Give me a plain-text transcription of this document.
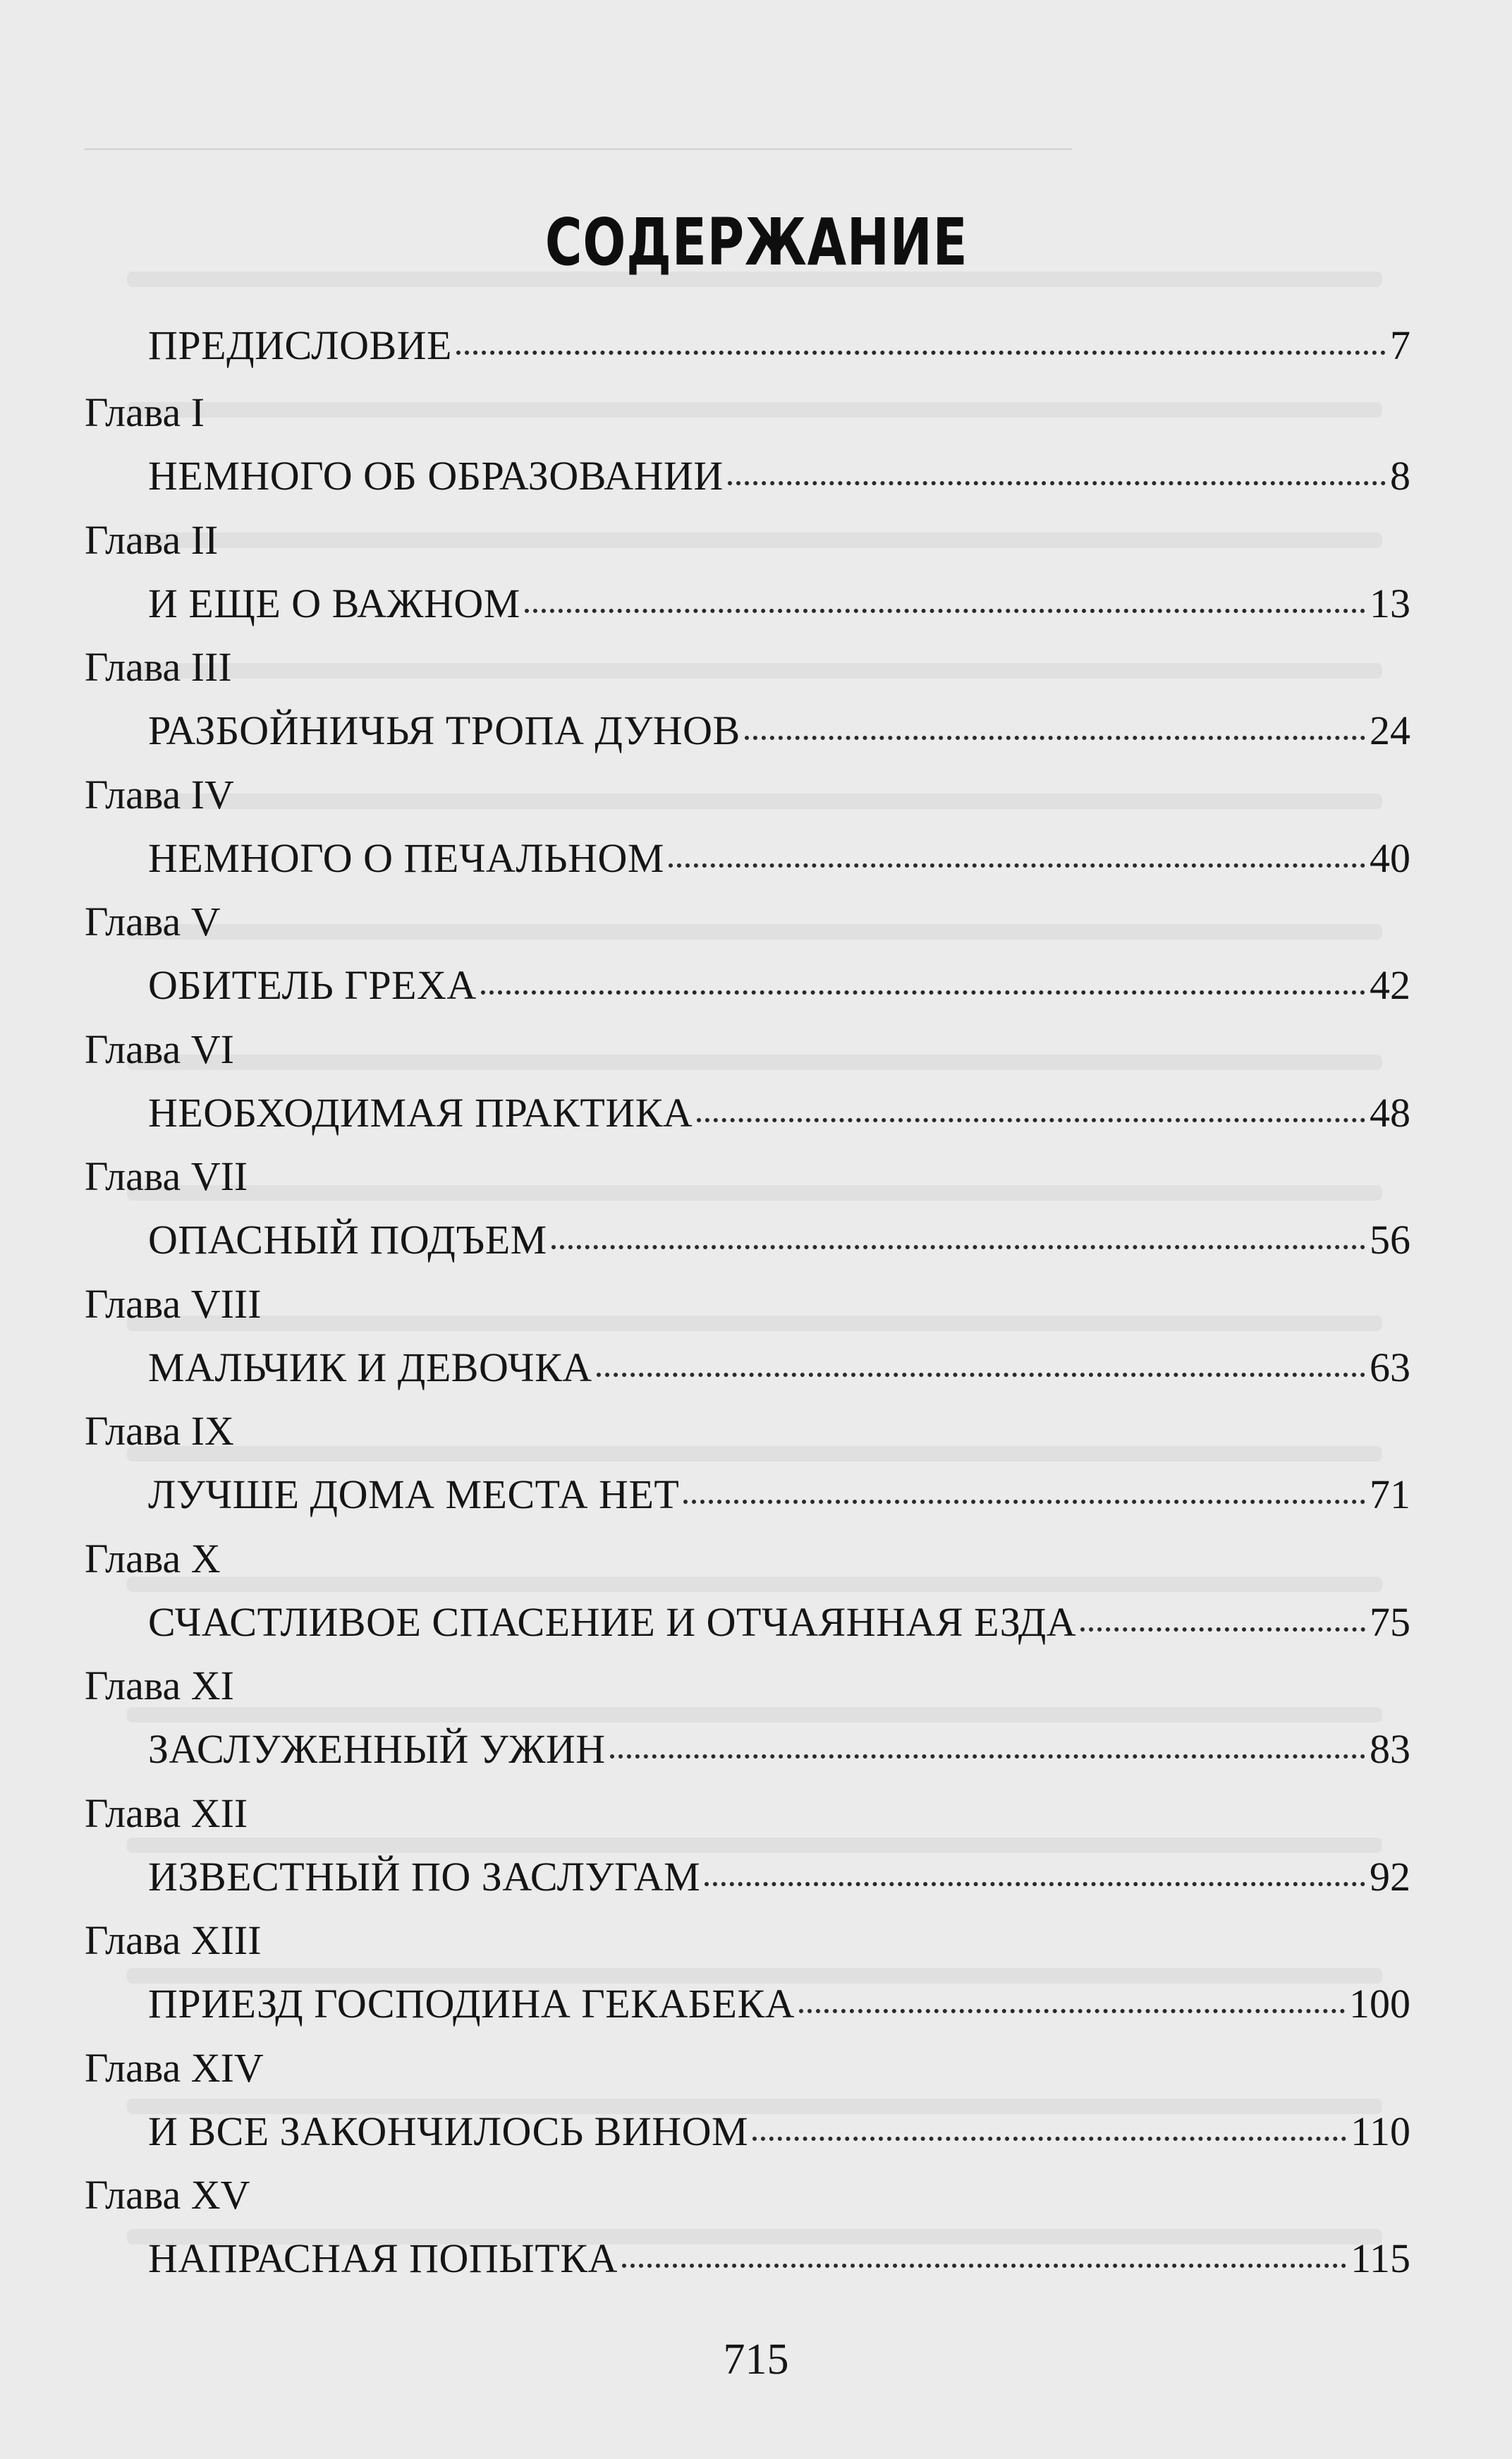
СОДЕРЖАНИЕ
ПРЕДИСЛОВИЕ	7
Глава I
НЕМНОГО ОБ ОБРАЗОВАНИИ	8
Глава II
И ЕЩЕ О ВАЖНОМ	13
Глава III
РАЗБОЙНИЧЬЯ ТРОПА ДУНОВ	24
Глава IV
НЕМНОГО О ПЕЧАЛЬНОМ	40
Глава V
ОБИТЕЛЬ ГРЕХА	42
Глава VI
НЕОБХОДИМАЯ ПРАКТИКА	48
Глава VII
ОПАСНЫЙ ПОДЪЕМ	56
Глава VIII
МАЛЬЧИК И ДЕВОЧКА	63
Глава IX
ЛУЧШЕ ДОМА МЕСТА НЕТ	71
Глава X
СЧАСТЛИВОЕ СПАСЕНИЕ И ОТЧАЯННАЯ ЕЗДА	75
Глава XI
ЗАСЛУЖЕННЫЙ УЖИН	83
Глава XII
ИЗВЕСТНЫЙ ПО ЗАСЛУГАМ	92
Глава XIII
ПРИЕЗД ГОСПОДИНА ГЕКАБЕКА	100
Глава XIV
И ВСЕ ЗАКОНЧИЛОСЬ ВИНОМ	110
Глава XV
НАПРАСНАЯ ПОПЫТКА	115
715
